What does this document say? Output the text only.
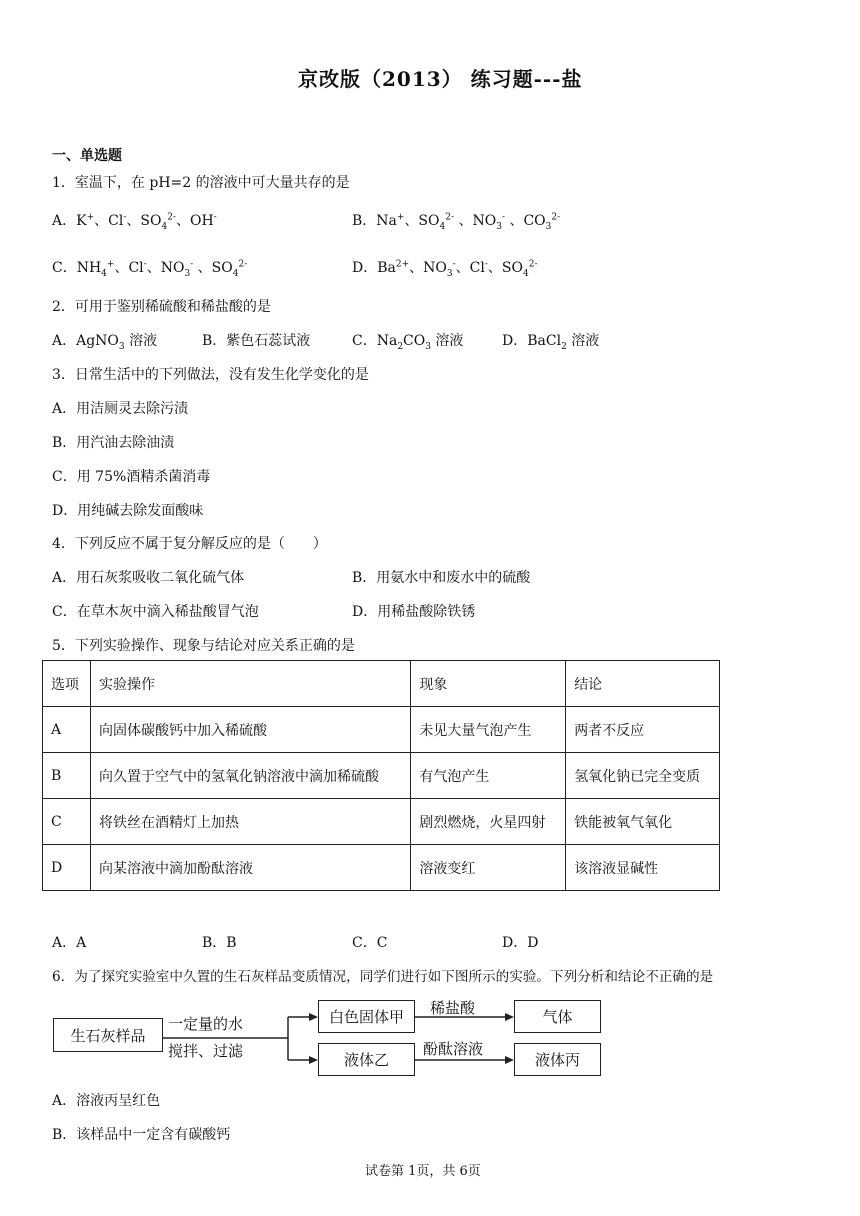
京改版（2013） 练习题---盐
一、单选题
1．室温下，在 pH=2 的溶液中可大量共存的是
A．K+、Cl-、$SO_4^{2-}$、OH-	B．Na+、$SO_4^{2-}$ 、$NO_3^-$ 、$CO_3^{2-}$
C．$NH_4^+$、Cl-、$NO_3^-$ 、$SO_4^{2-}$	D．$Ba^{2+}$、$NO_3^-$、Cl-、$SO_4^{2-}$
2．可用于鉴别稀硫酸和稀盐酸的是
A．AgNO$_3$ 溶液	B．紫色石蕊试液	C．$Na_2CO_3$ 溶液	D．BaCl$_2$ 溶液
3．日常生活中的下列做法，没有发生化学变化的是
A．用洁厕灵去除污渍
B．用汽油去除油渍
C．用 75%酒精杀菌消毒
D．用纯碱去除发面酸味
4．下列反应不属于复分解反应的是（　　）
A．用石灰浆吸收二氧化硫气体	B．用氨水中和废水中的硫酸
C．在草木灰中滴入稀盐酸冒气泡	D．用稀盐酸除铁锈
5．下列实验操作、现象与结论对应关系正确的是
选项	实验操作	现象	结论
A	向固体碳酸钙中加入稀硫酸	未见大量气泡产生	两者不反应
B	向久置于空气中的氢氧化钠溶液中滴加稀硫酸	有气泡产生	氢氧化钠已完全变质
C	将铁丝在酒精灯上加热	剧烈燃烧，火星四射	铁能被氧气氧化
D	向某溶液中滴加酚酞溶液	溶液变红	该溶液显碱性
A．A	B．B	C．C	D．D
6．为了探究实验室中久置的生石灰样品变质情况，同学们进行如下图所示的实验。下列分析和结论不正确的是
生石灰样品
一定量的水
搅拌、过滤
白色固体甲
液体乙
稀盐酸
酚酞溶液
气体
液体丙
A．溶液丙呈红色
B．该样品中一定含有碳酸钙
试卷第 1页，共 6页
